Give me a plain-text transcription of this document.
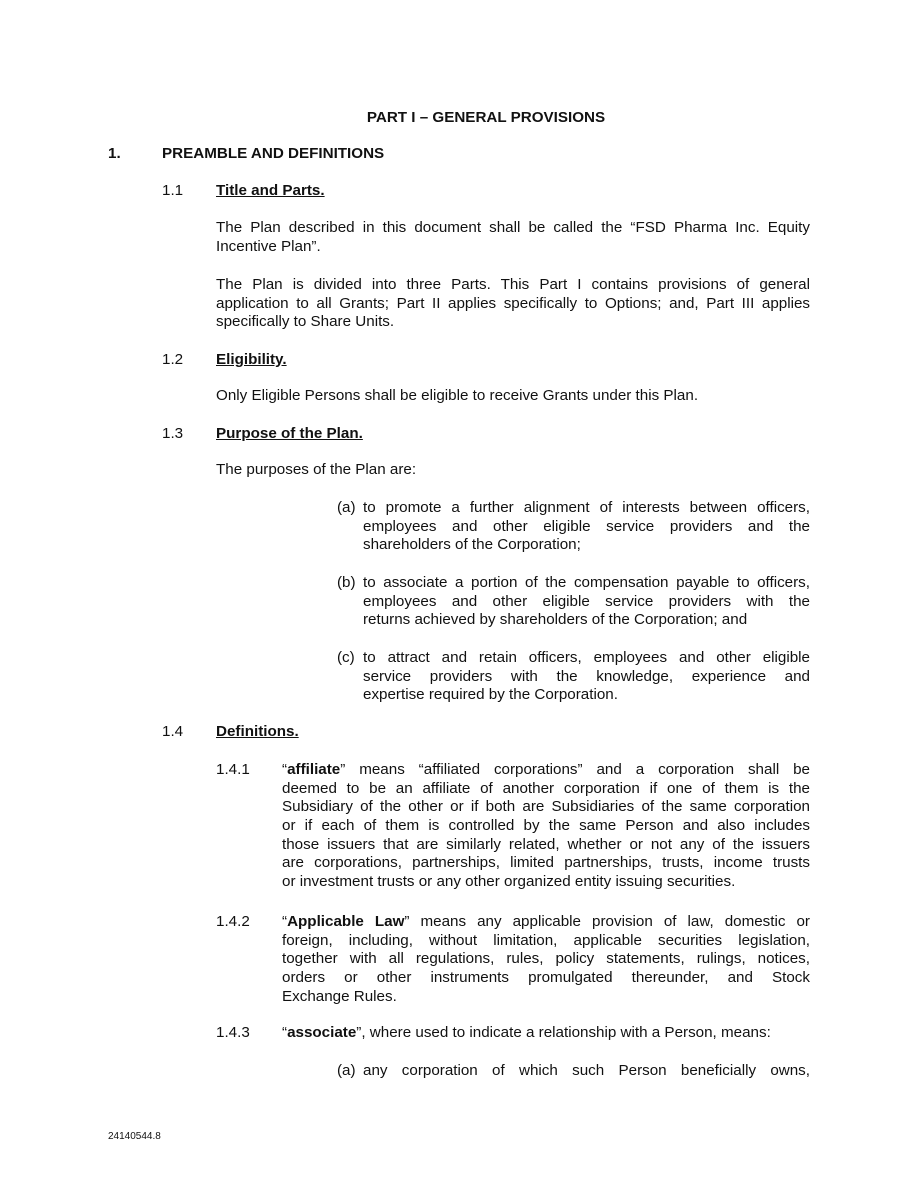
PART I – GENERAL PROVISIONS
1.	PREAMBLE AND DEFINITIONS
1.1 Title and Parts.
The Plan described in this document shall be called the “FSD Pharma Inc. Equity
Incentive Plan”.
The Plan is divided into three Parts. This Part I contains provisions of general
application to all Grants; Part II applies specifically to Options; and, Part III applies
specifically to Share Units.
1.2 Eligibility.
Only Eligible Persons shall be eligible to receive Grants under this Plan.
1.3 Purpose of the Plan.
The purposes of the Plan are:
(a) to promote a further alignment of interests between officers,
employees and other eligible service providers and the
shareholders of the Corporation;
(b) to associate a portion of the compensation payable to officers,
employees and other eligible service providers with the
returns achieved by shareholders of the Corporation; and
(c) to attract and retain officers, employees and other eligible
service providers with the knowledge, experience and
expertise required by the Corporation.
1.4 Definitions.
1.4.1 “affiliate” means “affiliated corporations” and a corporation shall be
deemed to be an affiliate of another corporation if one of them is the
Subsidiary of the other or if both are Subsidiaries of the same corporation
or if each of them is controlled by the same Person and also includes
those issuers that are similarly related, whether or not any of the issuers
are corporations, partnerships, limited partnerships, trusts, income trusts
or investment trusts or any other organized entity issuing securities.
1.4.2 “Applicable Law” means any applicable provision of law, domestic or
foreign, including, without limitation, applicable securities legislation,
together with all regulations, rules, policy statements, rulings, notices,
orders or other instruments promulgated thereunder, and Stock
Exchange Rules.
1.4.3 “associate”, where used to indicate a relationship with a Person, means:
(a) any corporation of which such Person beneficially owns,
24140544.8
